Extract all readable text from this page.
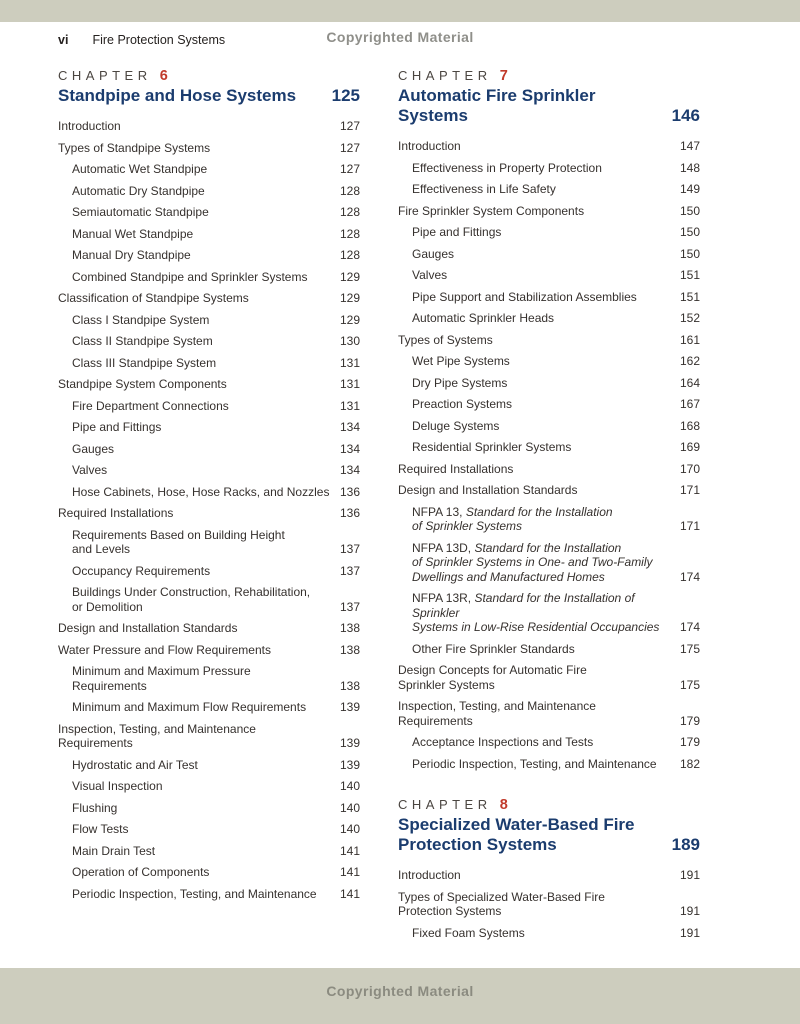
Copyrighted Material
vi Fire Protection Systems
CHAPTER 6
Standpipe and Hose Systems	125
Introduction	127
Types of Standpipe Systems	127
Automatic Wet Standpipe	127
Automatic Dry Standpipe	128
Semiautomatic Standpipe	128
Manual Wet Standpipe	128
Manual Dry Standpipe	128
Combined Standpipe and Sprinkler Systems	129
Classification of Standpipe Systems	129
Class I Standpipe System	129
Class II Standpipe System	130
Class III Standpipe System	131
Standpipe System Components	131
Fire Department Connections	131
Pipe and Fittings	134
Gauges	134
Valves	134
Hose Cabinets, Hose, Hose Racks, and Nozzles 136
Required Installations	136
Requirements Based on Building Height
and Levels	137
Occupancy Requirements	137
Buildings Under Construction, Rehabilitation,
or Demolition	137
Design and Installation Standards	138
Water Pressure and Flow Requirements	138
Minimum and Maximum Pressure
Requirements	138
Minimum and Maximum Flow Requirements	139
Inspection, Testing, and Maintenance
Requirements	139
Hydrostatic and Air Test	139
Visual Inspection	140
Flushing	140
Flow Tests	140
Main Drain Test	141
Operation of Components	141
Periodic Inspection, Testing, and Maintenance	141
CHAPTER 7
Automatic Fire Sprinkler
Systems	146
Introduction	147
Effectiveness in Property Protection	148
Effectiveness in Life Safety	149
Fire Sprinkler System Components	150
Pipe and Fittings	150
Gauges	150
Valves	151
Pipe Support and Stabilization Assemblies	151
Automatic Sprinkler Heads	152
Types of Systems	161
Wet Pipe Systems	162
Dry Pipe Systems	164
Preaction Systems	167
Deluge Systems	168
Residential Sprinkler Systems	169
Required Installations	170
Design and Installation Standards	171
NFPA 13, Standard for the Installation
of Sprinkler Systems	171
NFPA 13D, Standard for the Installation
of Sprinkler Systems in One- and Two-Family
Dwellings and Manufactured Homes	174
NFPA 13R, Standard for the Installation of Sprinkler
Systems in Low-Rise Residential Occupancies	174
Other Fire Sprinkler Standards	175
Design Concepts for Automatic Fire
Sprinkler Systems	175
Inspection, Testing, and Maintenance
Requirements	179
Acceptance Inspections and Tests	179
Periodic Inspection, Testing, and Maintenance	182
CHAPTER 8
Specialized Water-Based Fire
Protection Systems	189
Introduction	191
Types of Specialized Water-Based Fire
Protection Systems	191
Fixed Foam Systems	191
Copyrighted Material
